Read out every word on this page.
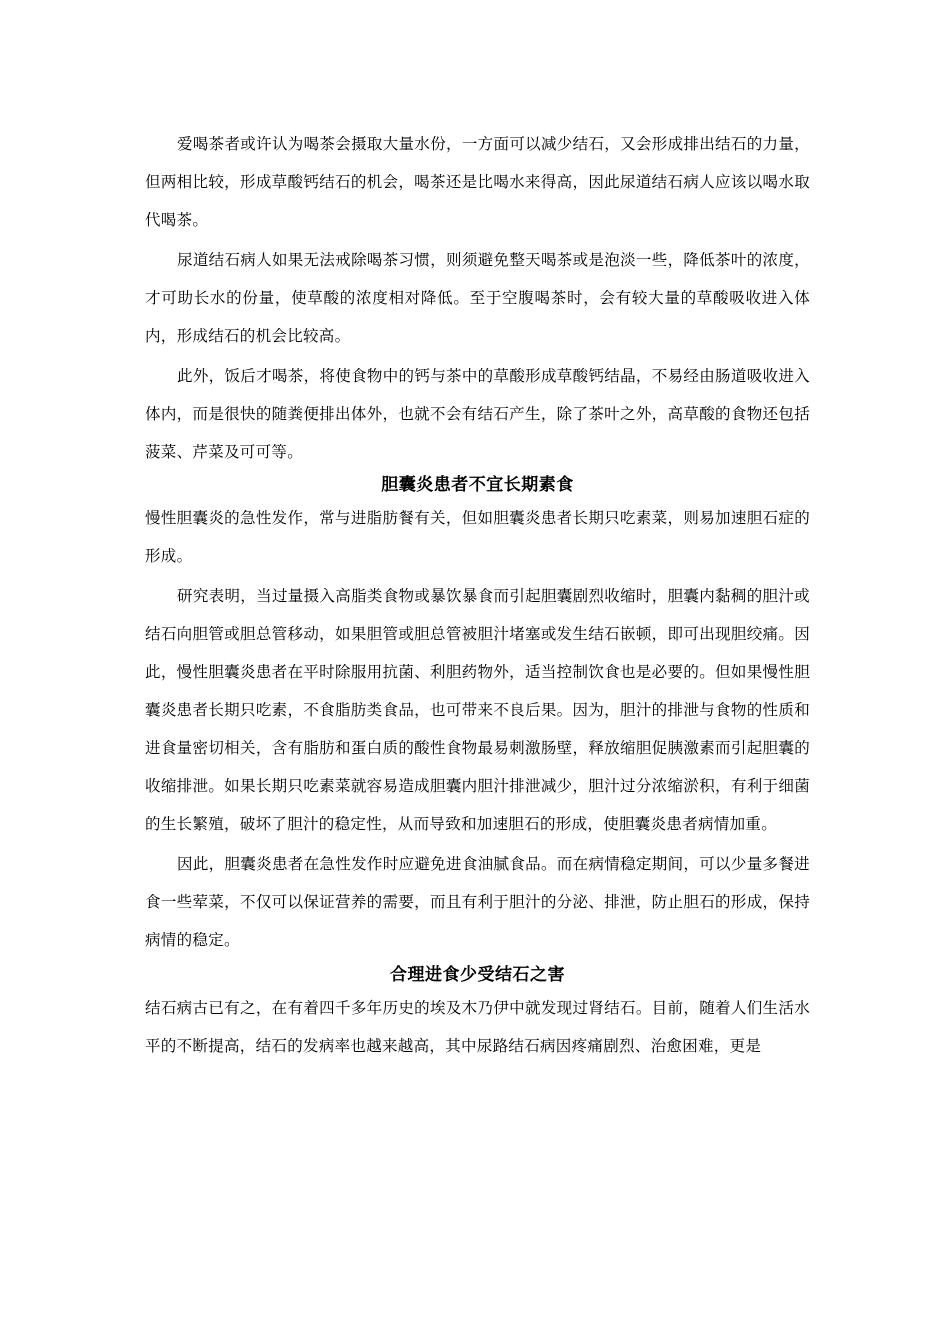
爱喝茶者或许认为喝茶会摄取大量水份，一方面可以减少结石，又会形成排出结石的力量，但两相比较，形成草酸钙结石的机会，喝茶还是比喝水来得高，因此尿道结石病人应该以喝水取代喝茶。

尿道结石病人如果无法戒除喝茶习惯，则须避免整天喝茶或是泡淡一些，降低茶叶的浓度，才可助长水的份量，使草酸的浓度相对降低。至于空腹喝茶时，会有较大量的草酸吸收进入体内，形成结石的机会比较高。

此外，饭后才喝茶，将使食物中的钙与茶中的草酸形成草酸钙结晶，不易经由肠道吸收进入体内，而是很快的随粪便排出体外，也就不会有结石产生，除了茶叶之外，高草酸的食物还包括菠菜、芹菜及可可等。

胆囊炎患者不宜长期素食

慢性胆囊炎的急性发作，常与进脂肪餐有关，但如胆囊炎患者长期只吃素菜，则易加速胆石症的形成。

研究表明，当过量摄入高脂类食物或暴饮暴食而引起胆囊剧烈收缩时，胆囊内黏稠的胆汁或结石向胆管或胆总管移动，如果胆管或胆总管被胆汁堵塞或发生结石嵌顿，即可出现胆绞痛。因此，慢性胆囊炎患者在平时除服用抗菌、利胆药物外，适当控制饮食也是必要的。但如果慢性胆囊炎患者长期只吃素，不食脂肪类食品，也可带来不良后果。因为，胆汁的排泄与食物的性质和进食量密切相关，含有脂肪和蛋白质的酸性食物最易刺激肠壁，释放缩胆促胰激素而引起胆囊的收缩排泄。如果长期只吃素菜就容易造成胆囊内胆汁排泄减少，胆汁过分浓缩淤积，有利于细菌的生长繁殖，破坏了胆汁的稳定性，从而导致和加速胆石的形成，使胆囊炎患者病情加重。

因此，胆囊炎患者在急性发作时应避免进食油腻食品。而在病情稳定期间，可以少量多餐进食一些荤菜，不仅可以保证营养的需要，而且有利于胆汁的分泌、排泄，防止胆石的形成，保持病情的稳定。

合理进食少受结石之害

结石病古已有之，在有着四千多年历史的埃及木乃伊中就发现过肾结石。目前，随着人们生活水平的不断提高，结石的发病率也越来越高，其中尿路结石病因疼痛剧烈、治愈困难，更是
